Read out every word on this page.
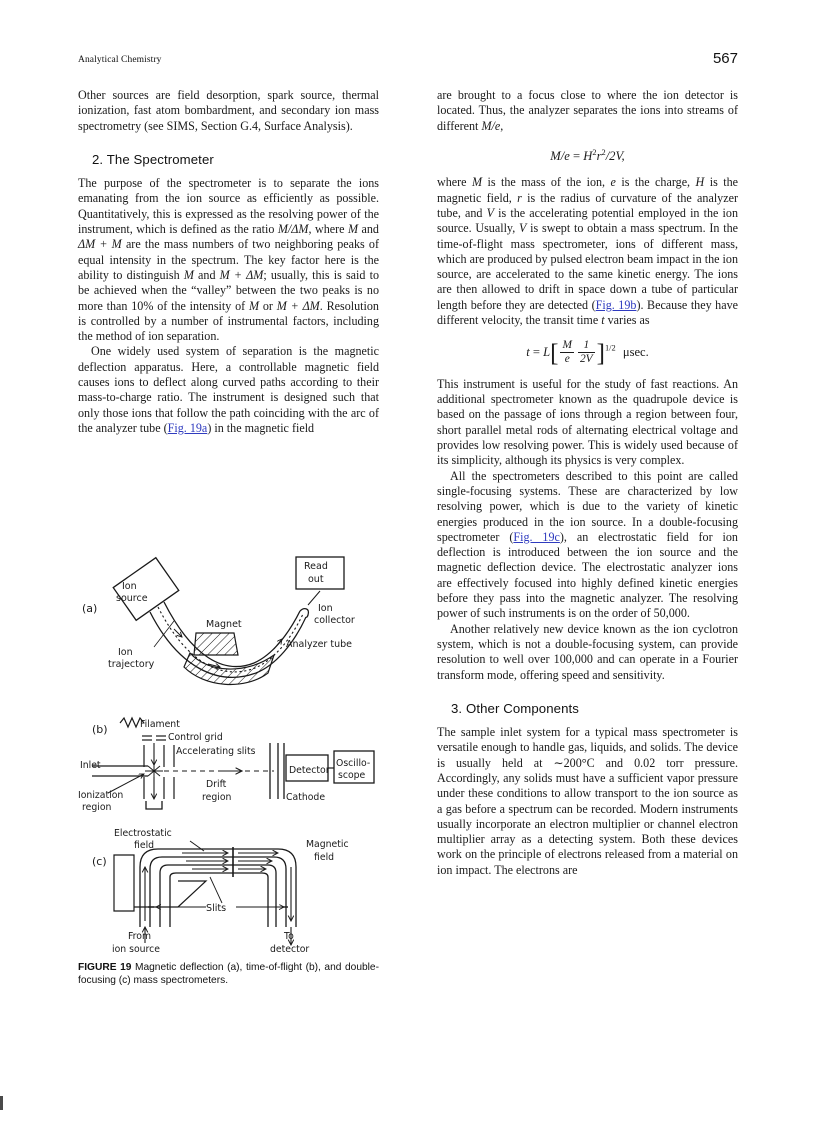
Analytical Chemistry	567

Other sources are field desorption, spark source, thermal ionization, fast atom bombardment, and secondary ion mass spectrometry (see SIMS, Section G.4, Surface Analysis).

2. The Spectrometer

The purpose of the spectrometer is to separate the ions emanating from the ion source as efficiently as possible. Quantitatively, this is expressed as the resolving power of the instrument, which is defined as the ratio M/ΔM, where M and ΔM + M are the mass numbers of two neighboring peaks of equal intensity in the spectrum. The key factor here is the ability to distinguish M and M + ΔM; usually, this is said to be achieved when the “valley” between the two peaks is no more than 10% of the intensity of M or M + ΔM. Resolution is controlled by a number of instrumental factors, including the method of ion separation.

One widely used system of separation is the magnetic deflection apparatus. Here, a controllable magnetic field causes ions to deflect along curved paths according to their mass-to-charge ratio. The instrument is designed such that only those ions that follow the path coinciding with the arc of the analyzer tube (Fig. 19a) in the magnetic field

(a)
Ion
source
Read
out
Magnet
Ion
collector
Analyzer tube
Ion
trajectory
(b)	Filament
Control grid
Accelerating slits
Inlet
Ionization
region
Drift
region	Cathode
Detector
Oscillo-
scope
(c)
Electrostatic
field	Magnetic
field
Slits
From
ion source
To
detector
FIGURE 19 Magnetic deflection (a), time-of-flight (b), and double-focusing (c) mass spectrometers.

are brought to a focus close to where the ion detector is located. Thus, the analyzer separates the ions into streams of different M/e,

$M/e = H^2r^2/2V$,

where M is the mass of the ion, e is the charge, H is the magnetic field, r is the radius of curvature of the analyzer tube, and V is the accelerating potential employed in the ion source. Usually, V is swept to obtain a mass spectrum. In the time-of-flight mass spectrometer, ions of different mass, which are produced by pulsed electron beam impact in the ion source, are accelerated to the same kinetic energy. The ions are then allowed to drift in space down a tube of particular length before they are detected (Fig. 19b). Because they have different velocity, the transit time t varies as

$t = L[ \frac{M}{e} \frac{1}{2V} ]^{1/2}$ μsec.

This instrument is useful for the study of fast reactions. An additional spectrometer known as the quadrupole device is based on the passage of ions through a region between four, short parallel metal rods of alternating electrical voltage and provides low resolving power. This is widely used because of its simplicity, although its physics is very complex.

All the spectrometers described to this point are called single-focusing systems. These are characterized by low resolving power, which is due to the variety of kinetic energies produced in the ion source. In a double-focusing spectrometer (Fig. 19c), an electrostatic field for ion deflection is introduced between the ion source and the magnetic deflection device. The electrostatic analyzer ions are effectively focused into highly defined kinetic energies before they pass into the magnetic analyzer. The resolving power of such instruments is on the order of 50,000.

Another relatively new device known as the ion cyclotron system, which is not a double-focusing system, can provide resolution to well over 100,000 and can operate in a Fourier transform mode, offering speed and sensitivity.

3. Other Components

The sample inlet system for a typical mass spectrometer is versatile enough to handle gas, liquids, and solids. The device is usually held at ∼200°C and 0.02 torr pressure. Accordingly, any solids must have a sufficient vapor pressure under these conditions to allow transport to the ion source as a gas before a spectrum can be recorded. Modern instruments usually incorporate an electron multiplier or channel electron multiplier array as a detecting system. Both these devices work on the principle of electrons released from a material on ion impact. The electrons are
